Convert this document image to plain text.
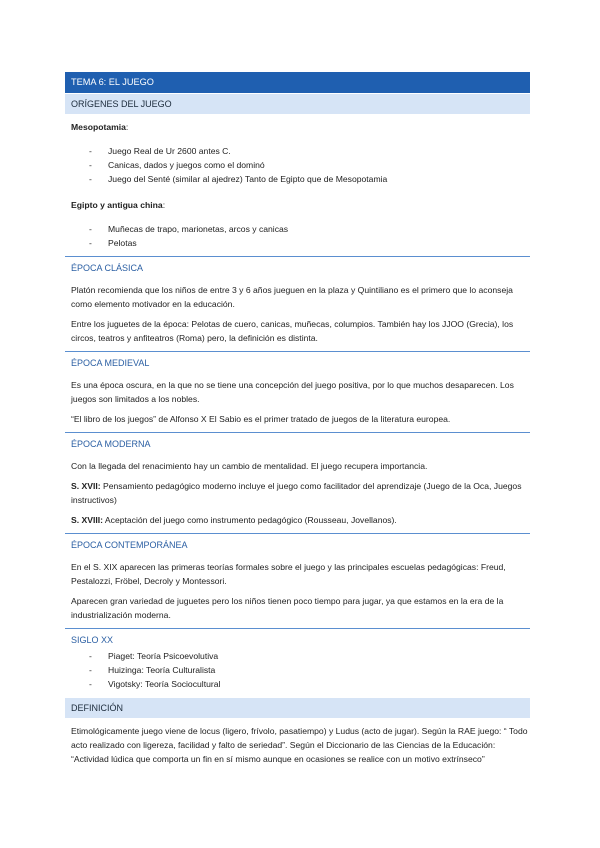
TEMA 6: EL JUEGO
ORÍGENES DEL JUEGO
Mesopotamia:
- Juego Real de Ur 2600 antes C.
- Canicas, dados y juegos como el dominó
- Juego del Senté (similar al ajedrez) Tanto de Egipto que de Mesopotamia
Egipto y antigua china:
- Muñecas de trapo, marionetas, arcos y canicas
- Pelotas
ÉPOCA CLÁSICA

Platón recomienda que los niños de entre 3 y 6 años jueguen en la plaza y Quintiliano es el primero que lo aconseja como elemento motivador en la educación.

Entre los juguetes de la época: Pelotas de cuero, canicas, muñecas, columpios. También hay los JJOO (Grecia), los circos, teatros y anfiteatros (Roma) pero, la definición es distinta.

ÉPOCA MEDIEVAL

Es una época oscura, en la que no se tiene una concepción del juego positiva, por lo que muchos desaparecen. Los juegos son limitados a los nobles.

“El libro de los juegos” de Alfonso X El Sabio es el primer tratado de juegos de la literatura europea.

ÉPOCA MODERNA

Con la llegada del renacimiento hay un cambio de mentalidad. El juego recupera importancia.

S. XVII: Pensamiento pedagógico moderno incluye el juego como facilitador del aprendizaje (Juego de la Oca, Juegos instructivos)

S. XVIII: Aceptación del juego como instrumento pedagógico (Rousseau, Jovellanos).

ÉPOCA CONTEMPORÁNEA

En el S. XIX aparecen las primeras teorías formales sobre el juego y las principales escuelas pedagógicas: Freud, Pestalozzi, Fröbel, Decroly y Montessori.

Aparecen gran variedad de juguetes pero los niños tienen poco tiempo para jugar, ya que estamos en la era de la industrialización moderna.

SIGLO XX
- Piaget: Teoría Psicoevolutiva
- Huizinga: Teoría Culturalista
- Vigotsky: Teoría Sociocultural
DEFINICIÓN

Etimológicamente juego viene de locus (ligero, frívolo, pasatiempo) y Ludus (acto de jugar). Según la RAE juego: “ Todo acto realizado con ligereza, facilidad y falto de seriedad”. Según el Diccionario de las Ciencias de la Educación: “Actividad lúdica que comporta un fin en sí mismo aunque en ocasiones se realice con un motivo extrínseco”
